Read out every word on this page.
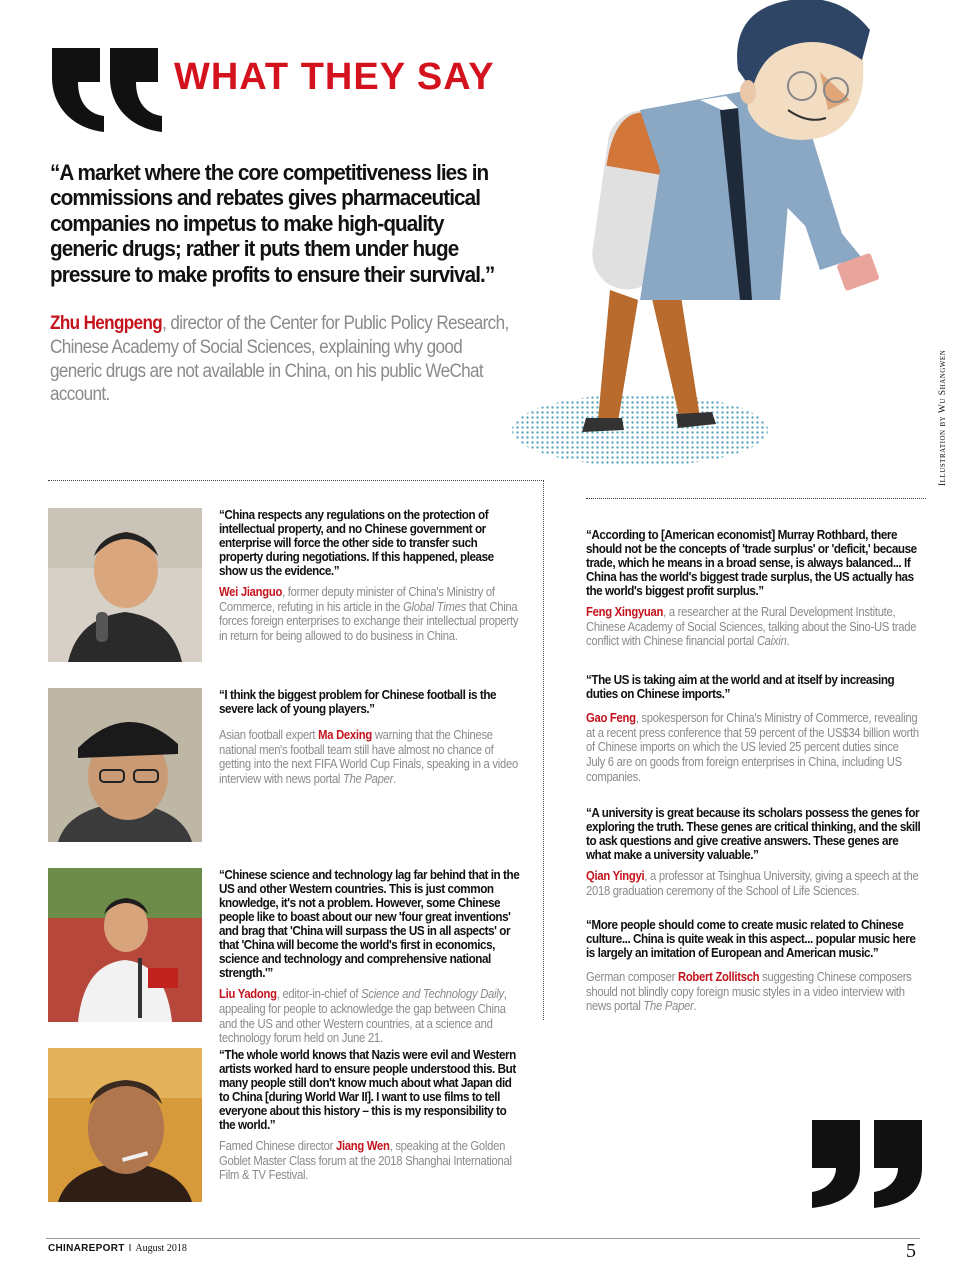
WHAT THEY SAY
“A market where the core competitiveness lies in commissions and rebates gives pharmaceutical companies no impetus to make high-quality generic drugs; rather it puts them under huge pressure to make profits to ensure their survival.”
Zhu Hengpeng, director of the Center for Public Policy Research, Chinese Academy of Social Sciences, explaining why good generic drugs are not available in China, on his public WeChat account.	Illustration by Wu Shangwen
“China respects any regulations on the protection of intellectual property, and no Chinese government or enterprise will force the other side to transfer such property during negotiations. If this happened, please show us the evidence.”
Wei Jianguo, former deputy minister of China's Ministry of Commerce, refuting in his article in the Global Times that China forces foreign enterprises to exchange their intellectual property in return for being allowed to do business in China.
“I think the biggest problem for Chinese football is the severe lack of young players.”
Asian football expert Ma Dexing warning that the Chinese national men's football team still have almost no chance of getting into the next FIFA World Cup Finals, speaking in a video interview with news portal The Paper.
“Chinese science and technology lag far behind that in the US and other Western countries. This is just common knowledge, it's not a problem. However, some Chinese people like to boast about our new 'four great inventions' and brag that 'China will surpass the US in all aspects' or that 'China will become the world's first in economics, science and technology and comprehensive national strength.'”
Liu Yadong, editor-in-chief of Science and Technology Daily, appealing for people to acknowledge the gap between China and the US and other Western countries, at a science and technology forum held on June 21.
“The whole world knows that Nazis were evil and Western artists worked hard to ensure people understood this. But many people still don't know much about what Japan did to China [during World War II]. I want to use films to tell everyone about this history – this is my responsibility to the world.”
Famed Chinese director Jiang Wen, speaking at the Golden Goblet Master Class forum at the 2018 Shanghai International Film & TV Festival.
“According to [American economist] Murray Rothbard, there should not be the concepts of 'trade surplus' or 'deficit,' because trade, which he means in a broad sense, is always balanced... If China has the world's biggest trade surplus, the US actually has the world's biggest profit surplus.”
Feng Xingyuan, a researcher at the Rural Development Institute, Chinese Academy of Social Sciences, talking about the Sino-US trade conflict with Chinese financial portal Caixin.
“The US is taking aim at the world and at itself by increasing duties on Chinese imports.”
Gao Feng, spokesperson for China's Ministry of Commerce, revealing at a recent press conference that 59 percent of the US$34 billion worth of Chinese imports on which the US levied 25 percent duties since July 6 are on goods from foreign enterprises in China, including US companies.
“A university is great because its scholars possess the genes for exploring the truth. These genes are critical thinking, and the skill to ask questions and give creative answers. These genes are what make a university valuable.”
Qian Yingyi, a professor at Tsinghua University, giving a speech at the 2018 graduation ceremony of the School of Life Sciences.
“More people should come to create music related to Chinese culture... China is quite weak in this aspect... popular music here is largely an imitation of European and American music.”
German composer Robert Zollitsch suggesting Chinese composers should not blindly copy foreign music styles in a video interview with news portal The Paper.
CHINAREPORT I August 2018	5
